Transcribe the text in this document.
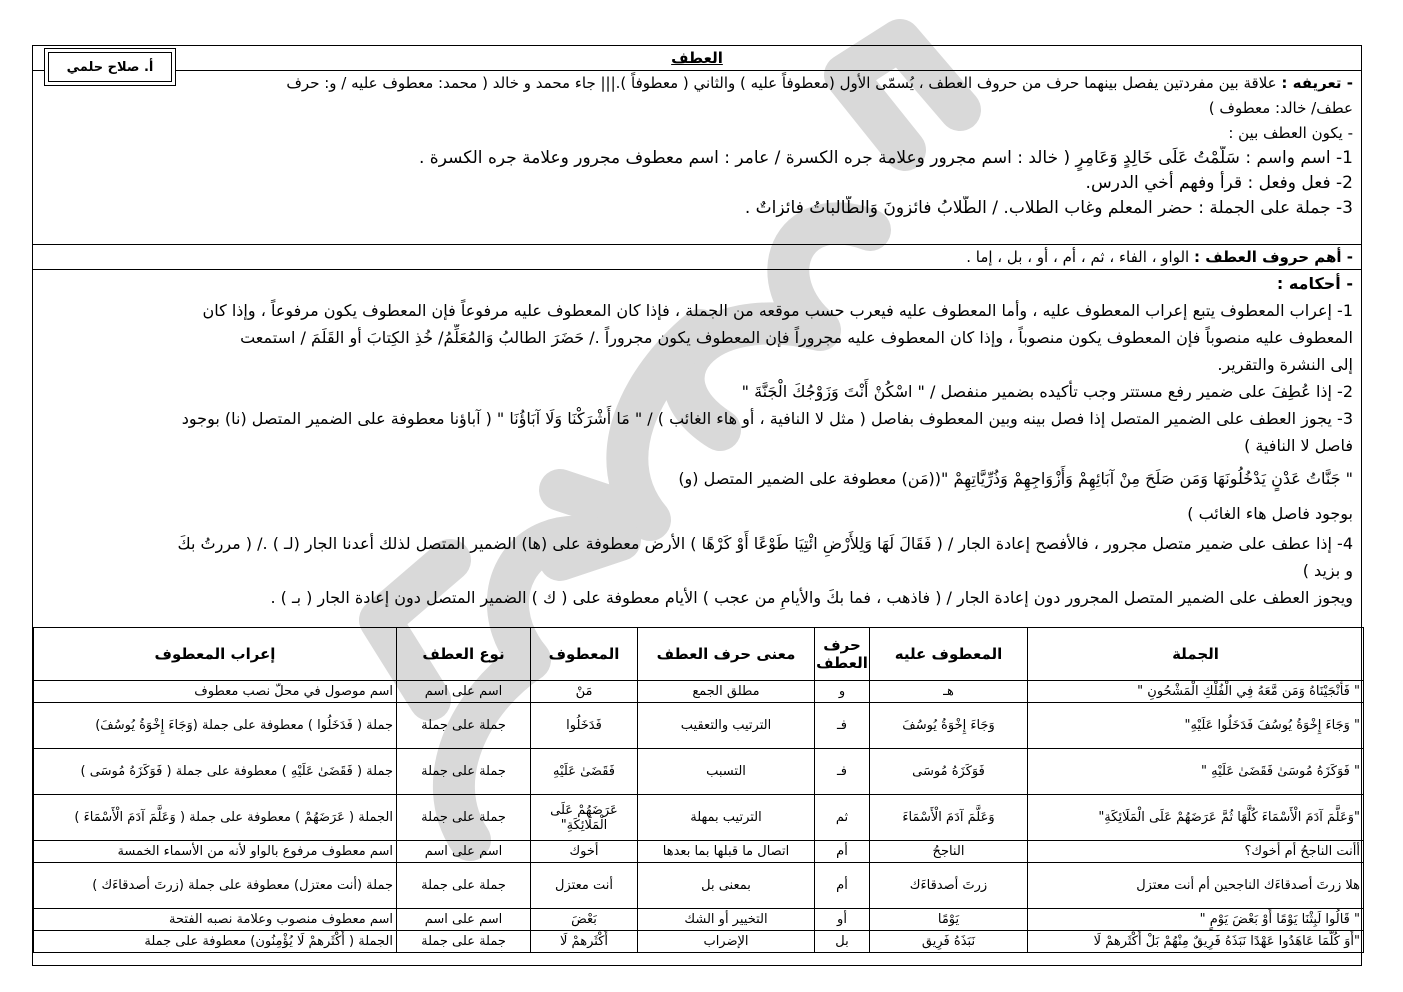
أ. صلاح حلمي	العطف
- تعريفه : علاقة بين مفردتين يفصل بينهما حرف من حروف العطف ، يُسمّى الأول (معطوفاً عليه ) والثاني ( معطوفاً ).||| جاء محمد و خالد ( محمد: معطوف عليه / و: حرف
عطف/ خالد: معطوف )
- يكون العطف بين :
1- اسم واسم : سَلَّمْتُ عَلَى خَالِدٍ وَعَامِرٍ ( خالد : اسم مجرور وعلامة جره الكسرة / عامر : اسم معطوف مجرور وعلامة جره الكسرة .
2- فعل وفعل : قرأ وفهم أخي الدرس.
3- جملة على الجملة : حضر المعلم وغاب الطلاب. / الطّلابُ فائزونَ وَالطّالباتُ فائزاتٌ .
- أهم حروف العطف : الواو ، الفاء ، ثم ، أم ، أو ، بل ، إما .
- أحكامه :
1- إعراب المعطوف يتبع إعراب المعطوف عليه ، وأما المعطوف عليه فيعرب حسب موقعه من الجملة ، فإذا كان المعطوف عليه مرفوعاً فإن المعطوف يكون مرفوعاً ، وإذا كان
المعطوف عليه منصوباً فإن المعطوف يكون منصوباً ، وإذا كان المعطوف عليه مجروراً فإن المعطوف يكون مجروراً ./ حَضَرَ الطالبُ وَالمُعَلِّمُ/ خُذِ الكِتابَ أو القَلَمَ / استمعت
إلى النشرة والتقرير.
2- إذا عُطِفَ على ضمير رفع مستتر وجب تأكيده بضمير منفصل / " اسْكُنْ أَنْتَ وَزَوْجُكَ الْجَنَّةَ "
3- يجوز العطف على الضمير المتصل إذا فصل بينه وبين المعطوف بفاصل ( مثل لا النافية ، أو هاء الغائب ) / " مَا أَشْرَكْنَا وَلَا آبَاؤُنَا " ( آباؤنا معطوفة على الضمير المتصل (نا) بوجود
فاصل لا النافية )
" جَنَّاتُ عَدْنٍ يَدْخُلُونَهَا وَمَن صَلَحَ مِنْ آبَائِهِمْ وَأَزْوَاجِهِمْ وَذُرِّيَّاتِهِمْ "((مَن) معطوفة على الضمير المتصل (و)
بوجود فاصل هاء الغائب )
4- إذا عطف على ضمير متصل مجرور ، فالأفصح إعادة الجار / ( فَقَالَ لَهَا وَلِلأَرْضِ ائْتِيَا طَوْعًا أَوْ كَرْهًا ) الأرض معطوفة على (ها) الضمير المتصل لذلك أعدنا الجار (لـ ) ./ ( مررتُ بكَ
و بزيد )
ويجوز العطف على الضمير المتصل المجرور دون إعادة الجار / ( فاذهب ، فما بكَ والأيامِ من عجب ) الأيام معطوفة على ( ك ) الضمير المتصل دون إعادة الجار ( بـ ) .
الجملة	المعطوف عليه	حرف العطف	معنى حرف العطف	المعطوف	نوع العطف	إعراب المعطوف
" فَأَنْجَيْنَاهُ وَمَن مَّعَهُ فِي الْفُلْكِ الْمَشْحُونِ "	هـ	و	مطلق الجمع	مَنْ	اسم على اسم	اسم موصول في محلّ نصب معطوف
" وَجَاءَ إِخْوَةُ يُوسُفَ فَدَخَلُوا عَلَيْهِ"	وَجَاءَ إِخْوَةُ يُوسُفَ	فـ	الترتيب والتعقيب	فَدَخَلُوا	جملة على جملة	جملة ( فَدَخَلُوا ) معطوفة على جملة (وَجَاءَ إِخْوَةُ يُوسُفَ)
" فَوَكَزَهُ مُوسَىٰ فَقَضَىٰ عَلَيْهِ "	فَوَكَزَهُ مُوسَى	فـ	التسبب	فَقَضَىٰ عَلَيْهِ	جملة على جملة	جملة ( فَقَضَىٰ عَلَيْهِ ) معطوفة على جملة ( فَوَكَزَهُ مُوسَى )
"وَعَلَّمَ آدَمَ الْأَسْمَاءَ كُلَّهَا ثُمَّ عَرَضَهُمْ عَلَى الْمَلَائِكَةِ"	وَعَلَّمَ آدَمَ الْأَسْمَاءَ	ثم	الترتيب بمهلة	عَرَضَهُمْ عَلَى الْمَلَائِكَةِ"	جملة على جملة	الجملة ( عَرَضَهُمْ ) معطوفة على جملة ( وَعَلَّمَ آدَمَ الْأَسْمَاءَ )
أأنت الناجحُ أم أخوك؟	الناجحُ	أم	اتصال ما قبلها بما بعدها	أخوك	اسم على اسم	اسم معطوف مرفوع بالواو لأنه من الأسماء الخمسة
هلا زرتَ أصدقاءَك الناجحين أم أنت معتزل	زرتَ أصدقاءَك	أم	بمعنى بل	أنت معتزل	جملة على جملة	جملة (أنت معتزل) معطوفة على جملة (زرتَ أصدقاءَك )
" قَالُوا لَبِثْنَا يَوْمًا أَوْ بَعْضَ يَوْمٍ "	يَوْمًا	أو	التخيير أو الشك	بَعْضَ	اسم على اسم	اسم معطوف منصوب وعلامة نصبه الفتحة
"أَوَ كُلَّمَا عَاهَدُوا عَهْدًا نَبَذَهُ فَرِيقٌ مِنْهُمْ بَلْ أَكْثَرهمْ لَا	نَبَذَهُ فَرِيق	بل	الإضراب	أَكْثَرهمْ لَا	جملة على جملة	الجملة ( أَكْثَرهمْ لَا يُؤْمِنُون) معطوفة على جملة
